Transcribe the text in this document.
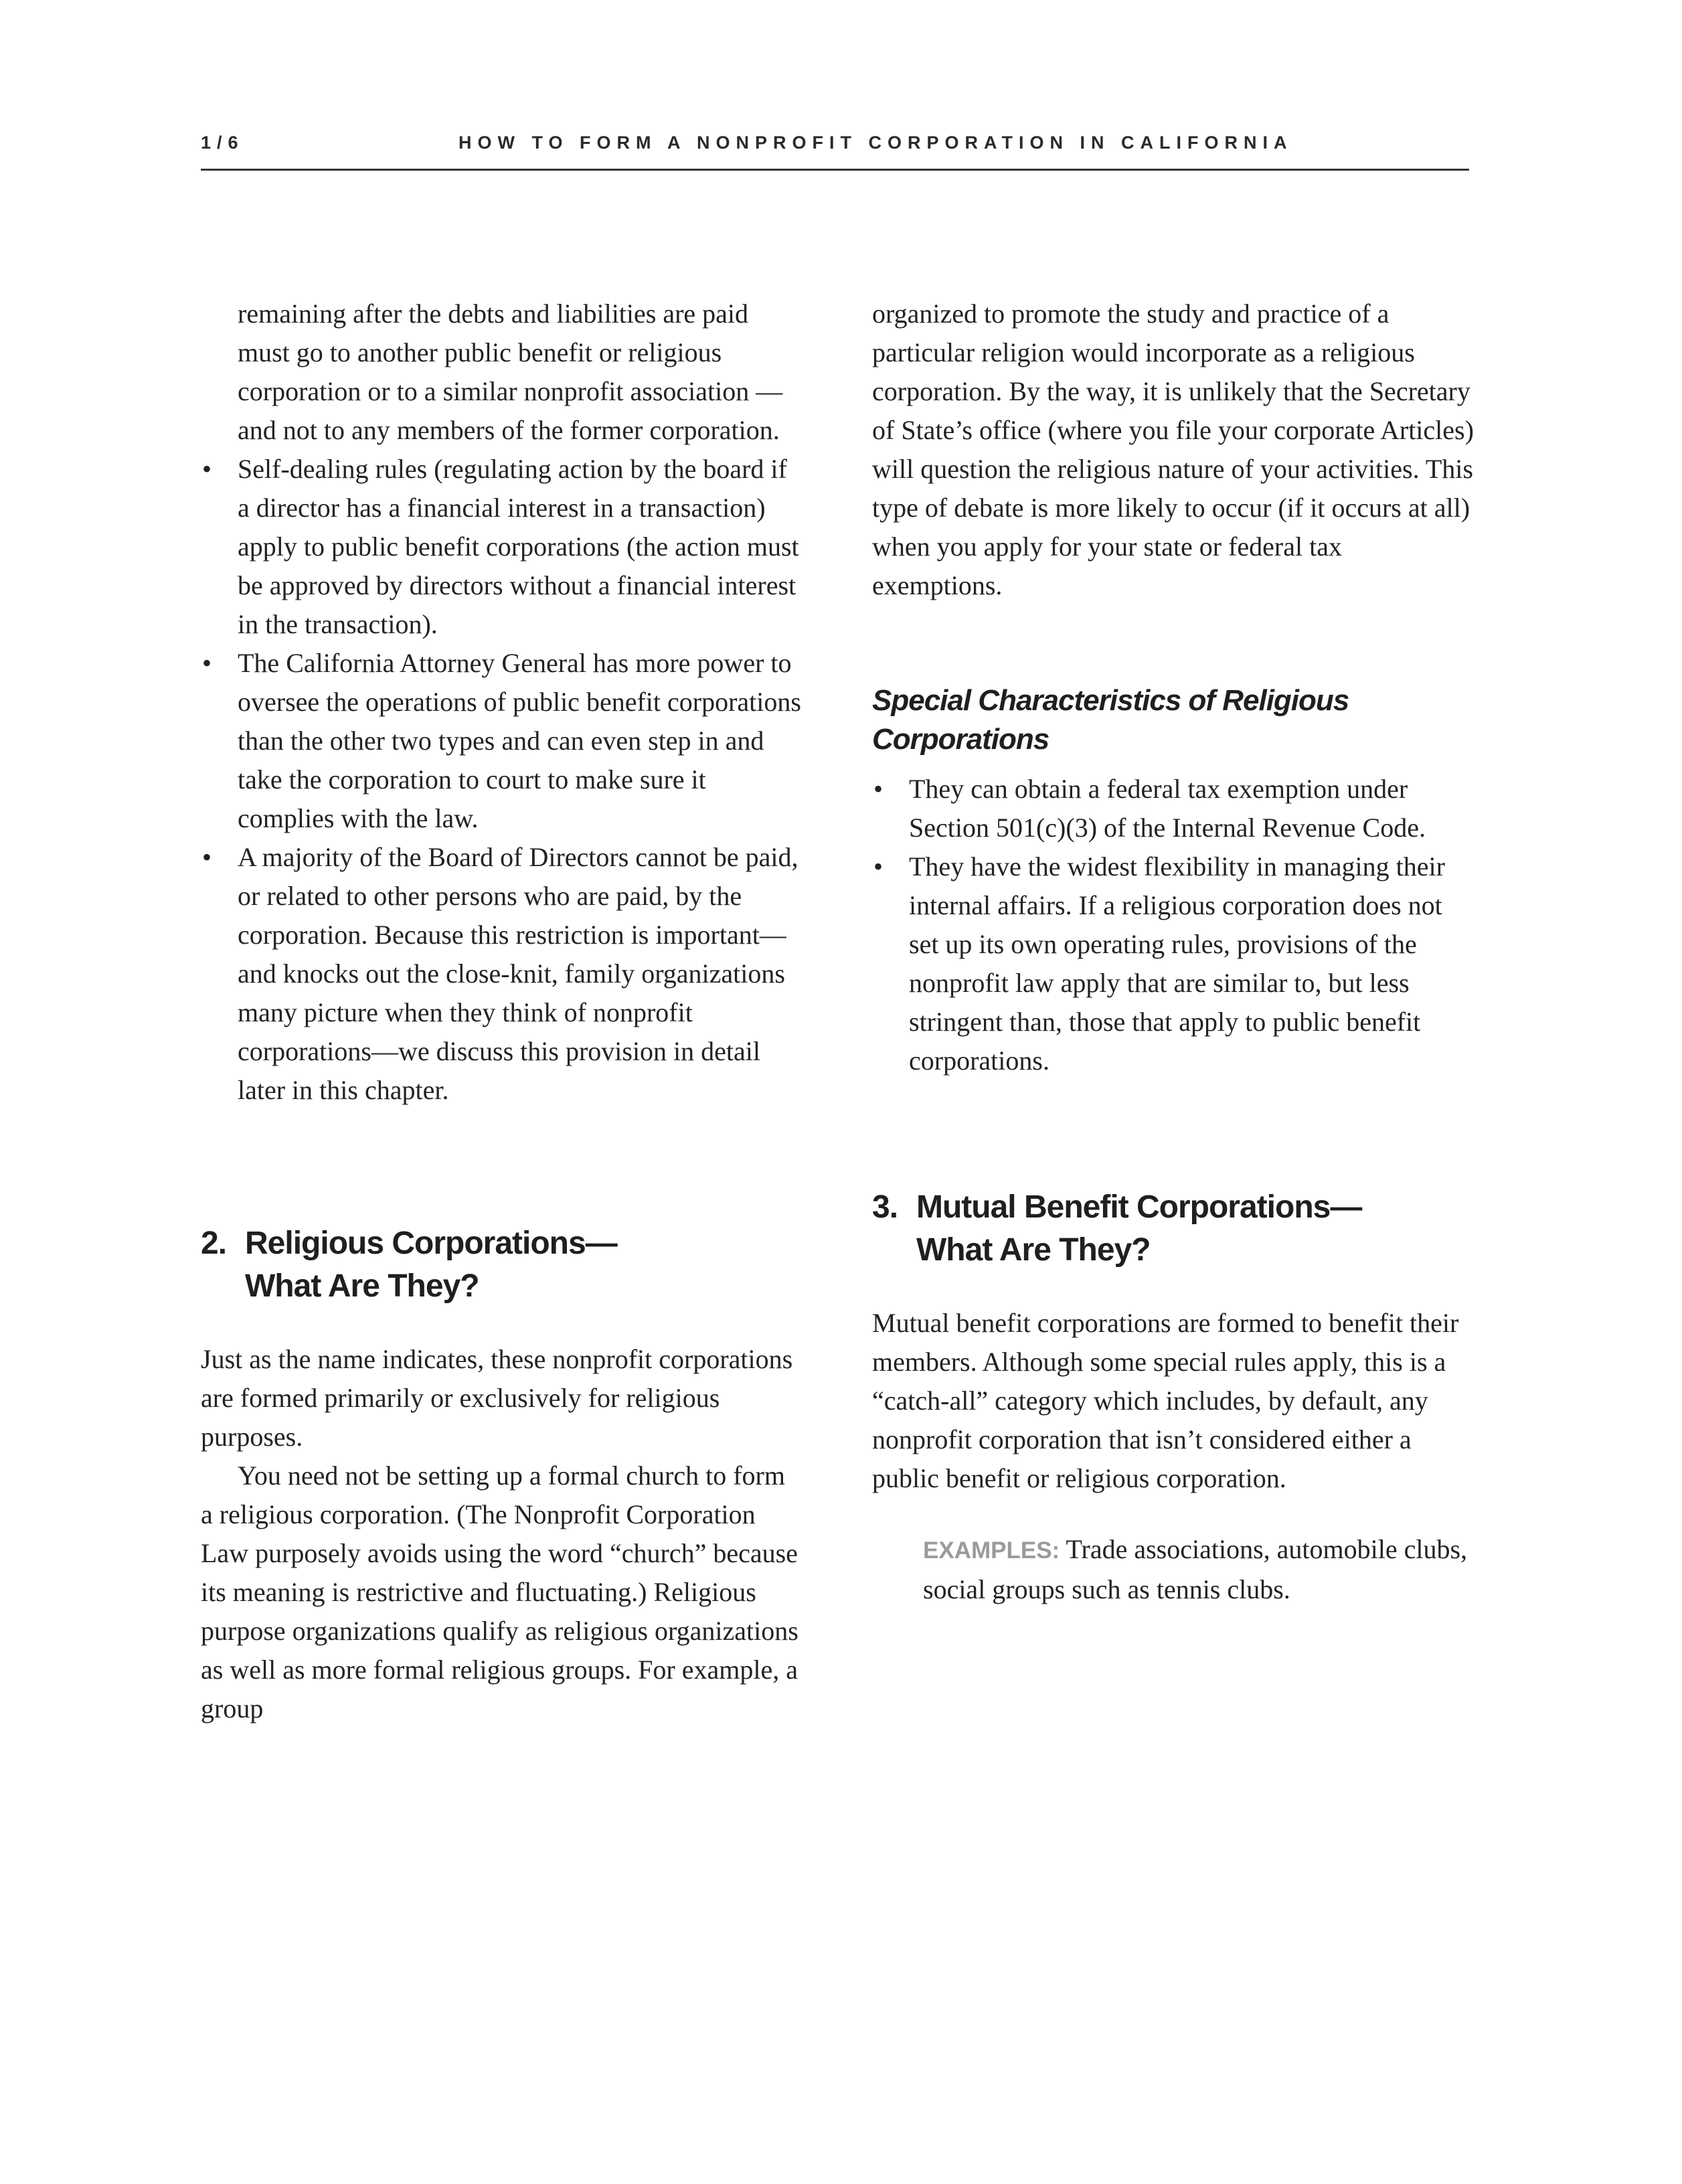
1/6	HOW TO FORM A NONPROFIT CORPORATION IN CALIFORNIA

remaining after the debts and liabilities are paid must go to another public benefit or religious corporation or to a similar nonprofit association —and not to any members of the former corporation.

• Self-dealing rules (regulating action by the board if a director has a financial interest in a transaction) apply to public benefit corporations (the action must be approved by directors without a financial interest in the transaction).
• The California Attorney General has more power to oversee the operations of public benefit corporations than the other two types and can even step in and take the corporation to court to make sure it complies with the law.
• A majority of the Board of Directors cannot be paid, or related to other persons who are paid, by the corporation. Because this restriction is important—and knocks out the close-knit, family organizations many picture when they think of nonprofit corporations—we discuss this provision in detail later in this chapter.
2. Religious Corporations—
What Are They?

Just as the name indicates, these nonprofit corporations are formed primarily or exclusively for religious purposes.

You need not be setting up a formal church to form a religious corporation. (The Nonprofit Corporation Law purposely avoids using the word “church” because its meaning is restrictive and fluctuating.) Religious purpose organizations qualify as religious organizations as well as more formal religious groups. For example, a group

organized to promote the study and practice of a particular religion would incorporate as a religious corporation. By the way, it is unlikely that the Secretary of State’s office (where you file your corporate Articles) will question the religious nature of your activities. This type of debate is more likely to occur (if it occurs at all) when you apply for your state or federal tax exemptions.

Special Characteristics of Religious Corporations
• They can obtain a federal tax exemption under Section 501(c)(3) of the Internal Revenue Code.
• They have the widest flexibility in managing their internal affairs. If a religious corporation does not set up its own operating rules, provisions of the nonprofit law apply that are similar to, but less stringent than, those that apply to public benefit corporations.
3. Mutual Benefit Corporations—
What Are They?

Mutual benefit corporations are formed to benefit their members. Although some special rules apply, this is a “catch-all” category which includes, by default, any nonprofit corporation that isn’t considered either a public benefit or religious corporation.

EXAMPLES: Trade associations, automobile clubs, social groups such as tennis clubs.
